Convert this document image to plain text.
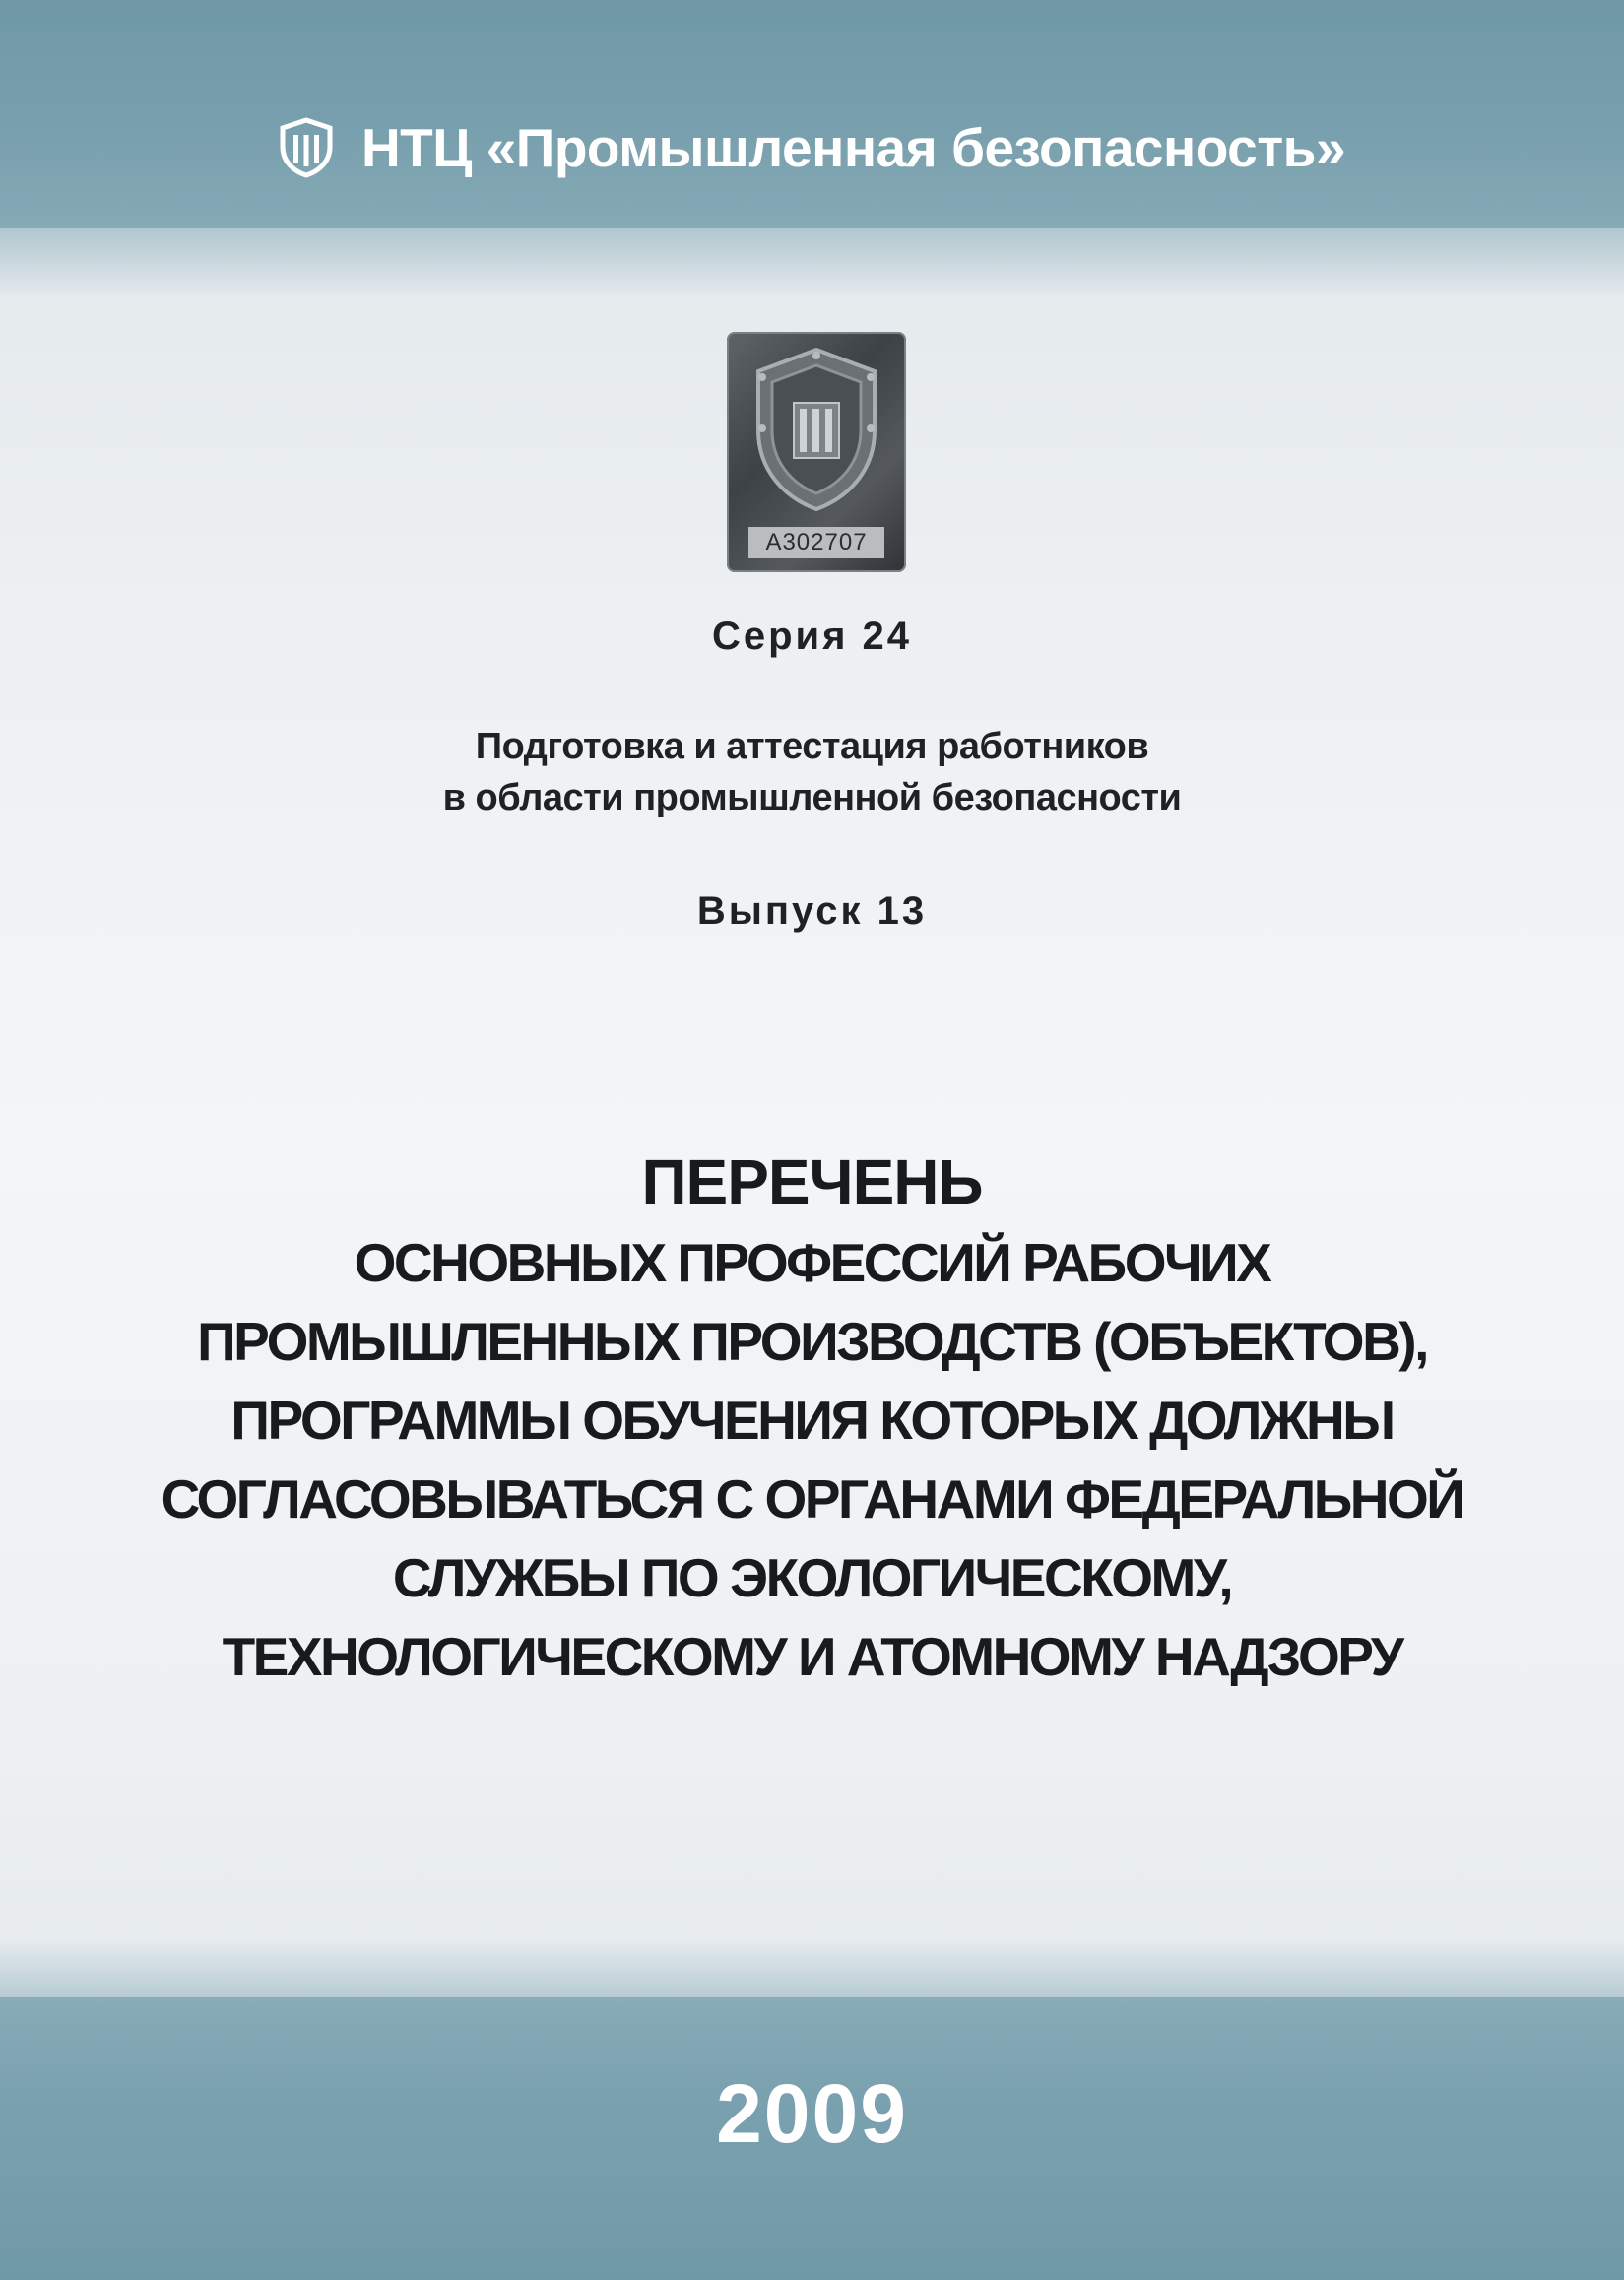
НТЦ «Промышленная безопасность»
А302707
Серия 24
Подготовка и аттестация работников
в области промышленной безопасности
Выпуск 13
ПЕРЕЧЕНЬ
ОСНОВНЫХ ПРОФЕССИЙ РАБОЧИХ
ПРОМЫШЛЕННЫХ ПРОИЗВОДСТВ (ОБЪЕКТОВ),
ПРОГРАММЫ ОБУЧЕНИЯ КОТОРЫХ ДОЛЖНЫ
СОГЛАСОВЫВАТЬСЯ С ОРГАНАМИ ФЕДЕРАЛЬНОЙ
СЛУЖБЫ ПО ЭКОЛОГИЧЕСКОМУ,
ТЕХНОЛОГИЧЕСКОМУ И АТОМНОМУ НАДЗОРУ
2009
